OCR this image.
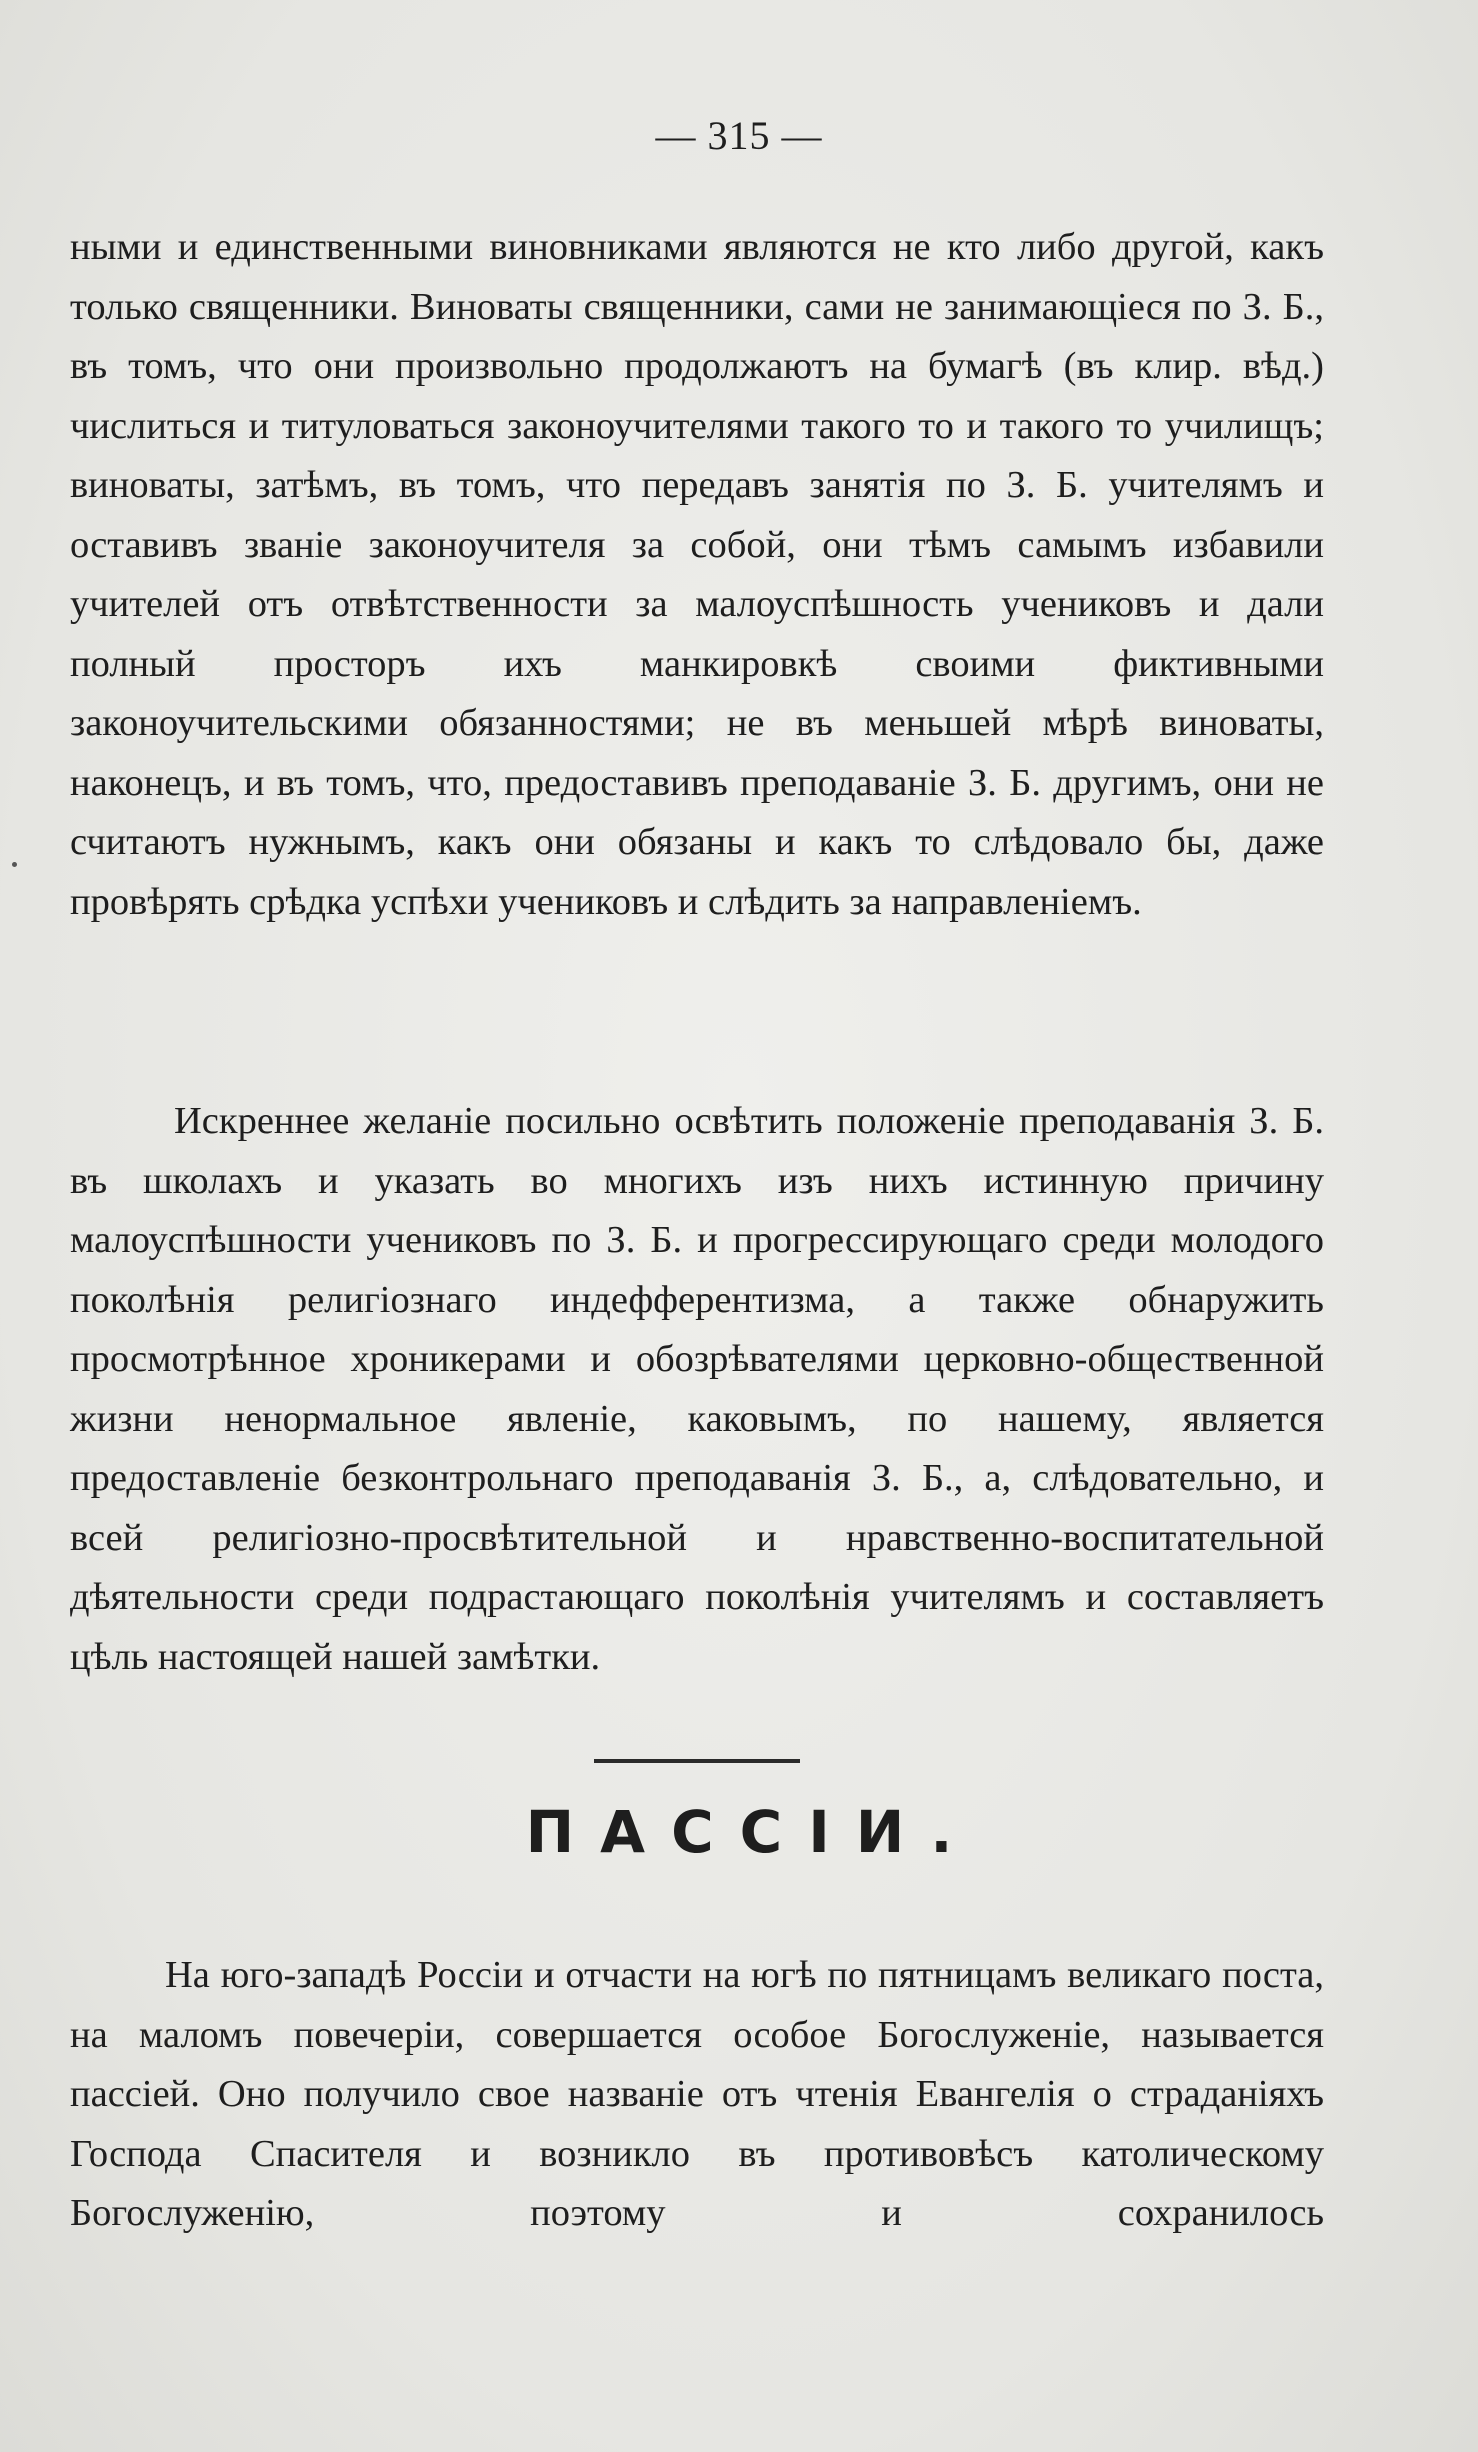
— 315 —
ными и единственными виновниками являются не кто либо другой, какъ только священники. Виноваты священники, сами не занимающіеся по З. Б., въ томъ, что они произвольно продолжаютъ на бумагѣ (въ клир. вѣд.) числиться и титуловаться законоучителями такого то и такого то училищъ; виноваты, затѣмъ, въ томъ, что передавъ занятія по З. Б. учителямъ и оставивъ званіе законоучителя за собой, они тѣмъ самымъ избавили учителей отъ отвѣтственности за малоуспѣшность учениковъ и дали полный просторъ ихъ манкировкѣ своими фиктивными законоучительскими обязанностями; не въ меньшей мѣрѣ виноваты, наконецъ, и въ томъ, что, предоставивъ преподаваніе З. Б. другимъ, они не считаютъ нужнымъ, какъ они обязаны и какъ то слѣдовало бы, даже провѣрять срѣдка успѣхи учениковъ и слѣдить за направленіемъ.
Искреннее желаніе посильно освѣтить положеніе преподаванія З. Б. въ школахъ и указать во многихъ изъ нихъ истинную причину малоуспѣшности учениковъ по З. Б. и прогрессирующаго среди молодого поколѣнія религіознаго индефферентизма, а также обнаружить просмотрѣнное хроникерами и обозрѣвателями церковно-общественной жизни ненормальное явленіе, каковымъ, по нашему, является предоставленіе безконтрольнаго преподаванія З. Б., а, слѣдовательно, и всей религіозно-просвѣтительной и нравственно-воспитательной дѣятельности среди подрастающаго поколѣнія учителямъ и составляетъ цѣль настоящей нашей замѣтки.
ПАССІИ.
На юго-западѣ Россіи и отчасти на югѣ по пятницамъ великаго поста, на маломъ повечеріи, совершается особое Богослуженіе, называется пассіей. Оно получило свое названіе отъ чтенія Евангелія о страданіяхъ Господа Спасителя и возникло въ противовѣсъ католическому Богослуженію, поэтому и сохранилось
